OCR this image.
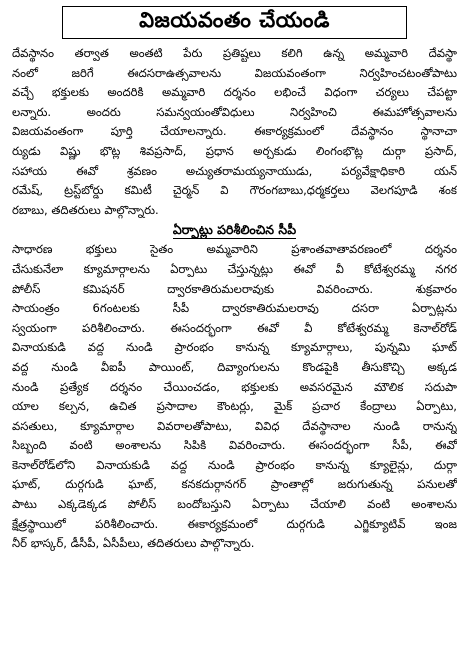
విజయవంతం చేయండి
దేవస్థానం తర్వాత అంతటి పేరు ప్రతిష్టలు కలిగి ఉన్న అమ్మవారి దేవస్థా
నంలో జరిగే ఈదసరాఉత్సవాలను విజయవంతంగా నిర్వహించటంతోపాటు
వచ్చే భక్తులకు అందరికి అమ్మవారి దర్శనం లభించే విధంగా చర్యలు చేపట్టా
లన్నారు. అందరు సమన్వయంతోవిధులు నిర్వహించి ఈమహోత్సవాలను
విజయవంతంగా పూర్తి చేయాలన్నారు. ఈకార్యక్రమంలో దేవస్థానం స్థానాచా
ర్యుడు విష్ణు భొట్ల శివప్రసాద్, ప్రధాన అర్చకుడు లింగంభొట్ల దుర్గా ప్రసాద్,
సహాయ ఈవో శ్రవణం అచ్యుతరామయ్యనాయుడు, పర్యవేక్షాధికారి యన్
రమేష్, ట్రస్ట్‌బోర్డు కమిటీ చైర్మన్ వి గౌరంగబాబు,ధర్మకర్తలు వెలగపూడి శంక
రబాబు, తదితరులు పాల్గొన్నారు.
ఏర్పాట్లు పరిశీలించిన సీపీ
సాధారణ భక్తులు సైతం అమ్మవారిని ప్రశాంతవాతావరణంలో దర్శనం
చేసుకునేలా క్యూమార్గాలను ఏర్పాటు చేస్తున్నట్లు ఈవో వీ కోటేశ్వరమ్మ నగర
పోలీస్ కమిషనర్ ద్వారకాతిరుమలరావుకు వివరించారు. శుక్రవారం
సాయంత్రం 6గంటలకు సీపీ ద్వారకాతిరుమలరావు దసరా ఏర్పాట్లను
స్వయంగా పరిశీలించారు. ఈసందర్భంగా ఈవో వీ కోటేశ్వరమ్మ కెనాల్‌రోడ్
వినాయకుడి వద్ద నుండి ప్రారంభం కానున్న క్యూమార్గాలు, పున్నమి ఘాట్
వద్ద నుండి వీఐపీ పాయింట్, దివ్యాంగులను కొండపైకి తీసుకొచ్చి అక్కడ
నుండి ప్రత్యేక దర్శనం చేయించడం, భక్తులకు అవసరమైన మౌలిక సదుపా
యాల కల్పన, ఉచిత ప్రసాదాల కౌంటర్లు, మైక్ ప్రచార కేంద్రాలు ఏర్పాటు,
వసతులు, క్యూమార్గాల వివరాలతోపాటు, వివిధ దేవస్థానాల నుండి రానున్న
సిబ్బంది వంటి అంశాలను సిపికి వివరించారు. ఈసందర్భంగా సీపీ, ఈవో
కెనాల్‌రోడ్‌లోని వినాయకుడి వద్ద నుండి ప్రారంభం కానున్న క్యూలైన్లు, దుర్గా
ఘాట్, దుర్గగుడి ఘాట్, కనకదుర్గానగర్ ప్రాంతాల్లో జరుగుతున్న పనులతో
పాటు ఎక్కడెక్కడ పోలీస్ బందోబస్తుని ఏర్పాటు చేయాలి వంటి అంశాలను
క్షేత్రస్థాయిలో పరిశీలించారు. ఈకార్యక్రమంలో దుర్గగుడి ఎగ్జిక్యూటివ్ ఇంజ
నీర్ భాస్కర్, డీసీపీ, ఏసీపీలు, తదితరులు పాల్గొన్నారు.
